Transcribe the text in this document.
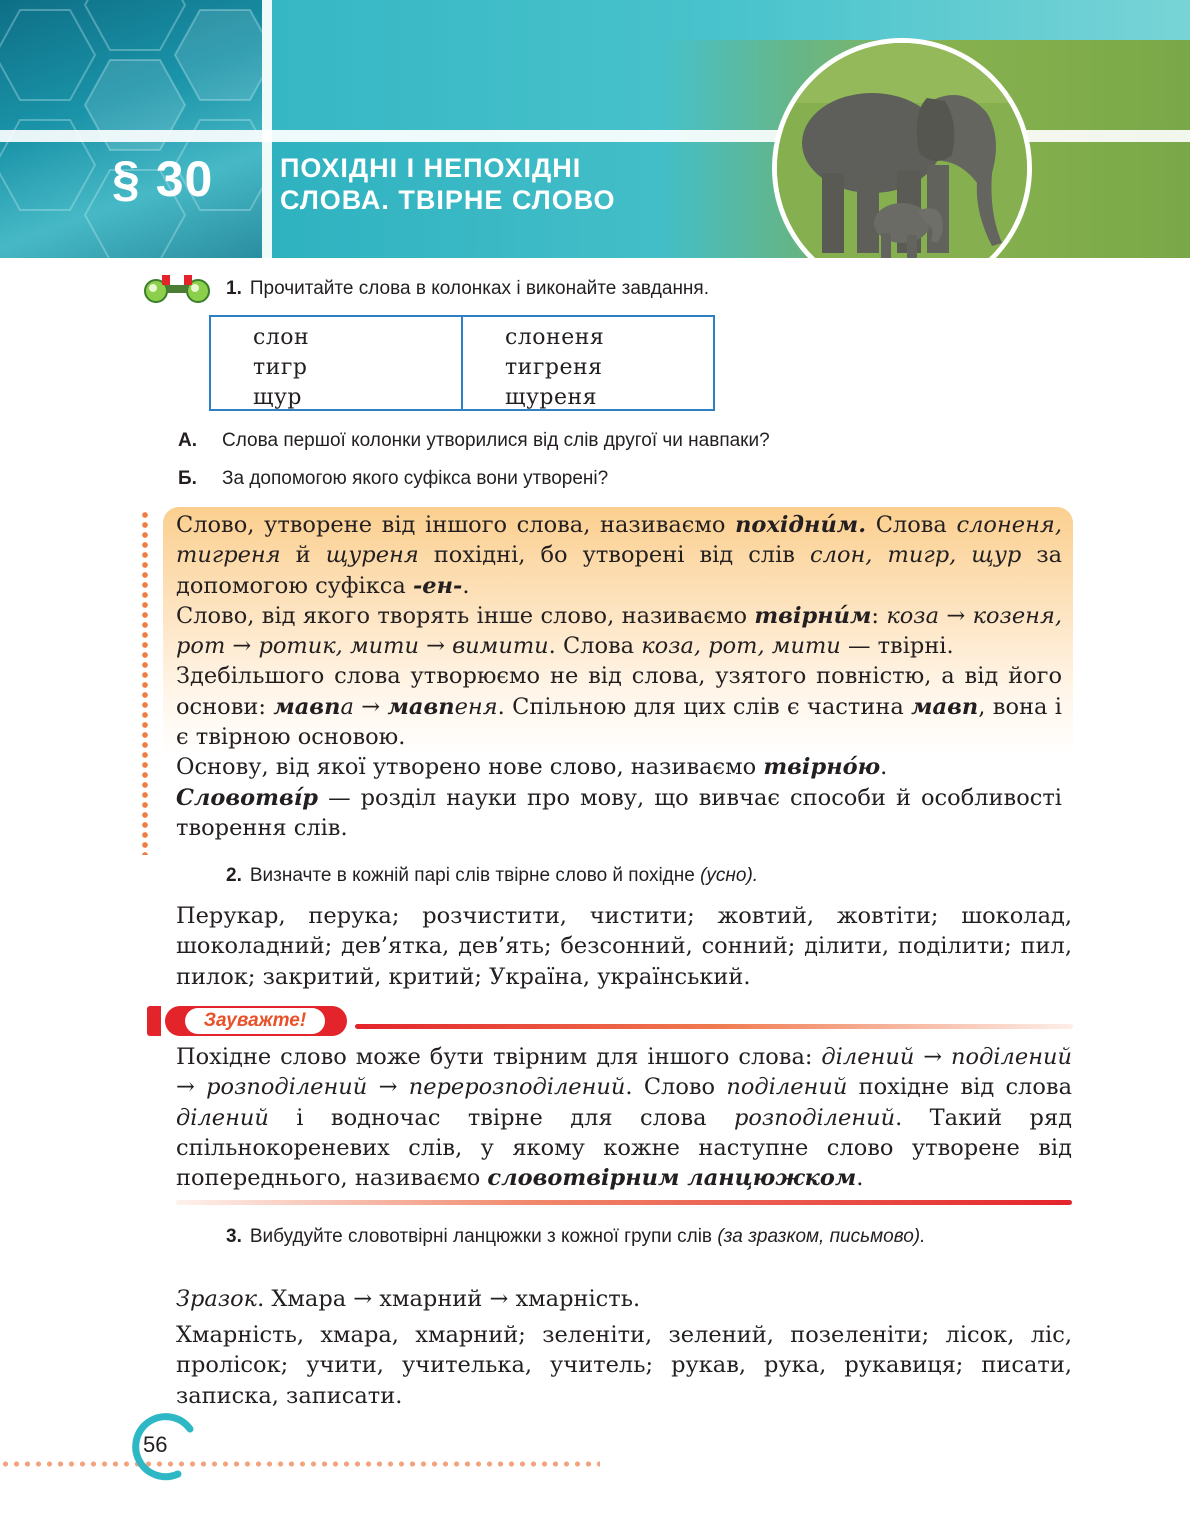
§ 30 ПОХІДНІ І НЕПОХІДНІ
СЛОВА. ТВІРНЕ СЛОВО
1. Прочитайте слова в колонках і виконайте завдання.
слон
тигр
щур
слоненя
тигреня
щуреня
А. Слова першої колонки утворилися від слів другої чи навпаки?
Б. За допомогою якого суфікса вони утворені?

Слово, утворене від іншого слова, називаємо похідни́м. Слова слоненя, тигреня й щуреня похідні, бо утворені від слів слон, тигр, щур за допомогою суфікса -ен-.

Слово, від якого творять інше слово, називаємо твірни́м: коза → козеня, рот → ротик, мити → вимити. Слова коза, рот, мити — твірні.

Здебільшого слова утворюємо не від слова, узятого повністю, а від його основи: мавпа → мавпеня. Спільною для цих слів є частина мавп, вона і є твірною основою.

Основу, від якої утворено нове слово, називаємо твірно́ю.

Словотві́р — розділ науки про мову, що вивчає способи й особливості творення слів.

2. Визначте в кожній парі слів твірне слово й похідне (усно).
Перукар, перука; розчистити, чистити; жовтий, жовтіти; шоколад, шоколадний; дев’ятка, дев’ять; безсонний, сонний; ділити, поділити; пил, пилок; закритий, критий; Україна, український.
Зауважте!
Похідне слово може бути твірним для іншого слова: ділений → поділений → розподілений → перерозподілений. Слово поділений похідне від слова ділений і водночас твірне для слова розподілений. Такий ряд спільнокореневих слів, у якому кожне наступне слово утворене від попереднього, називаємо словотвірним ланцюжком.
3. Вибудуйте словотвірні ланцюжки з кожної групи слів (за зразком, письмово).
Зразок. Хмара → хмарний → хмарність.
Хмарність, хмара, хмарний; зеленіти, зелений, позеленіти; лісок, ліс, пролісок; учити, учителька, учитель; рукав, рука, рукавиця; писати, записка, записати.
56
